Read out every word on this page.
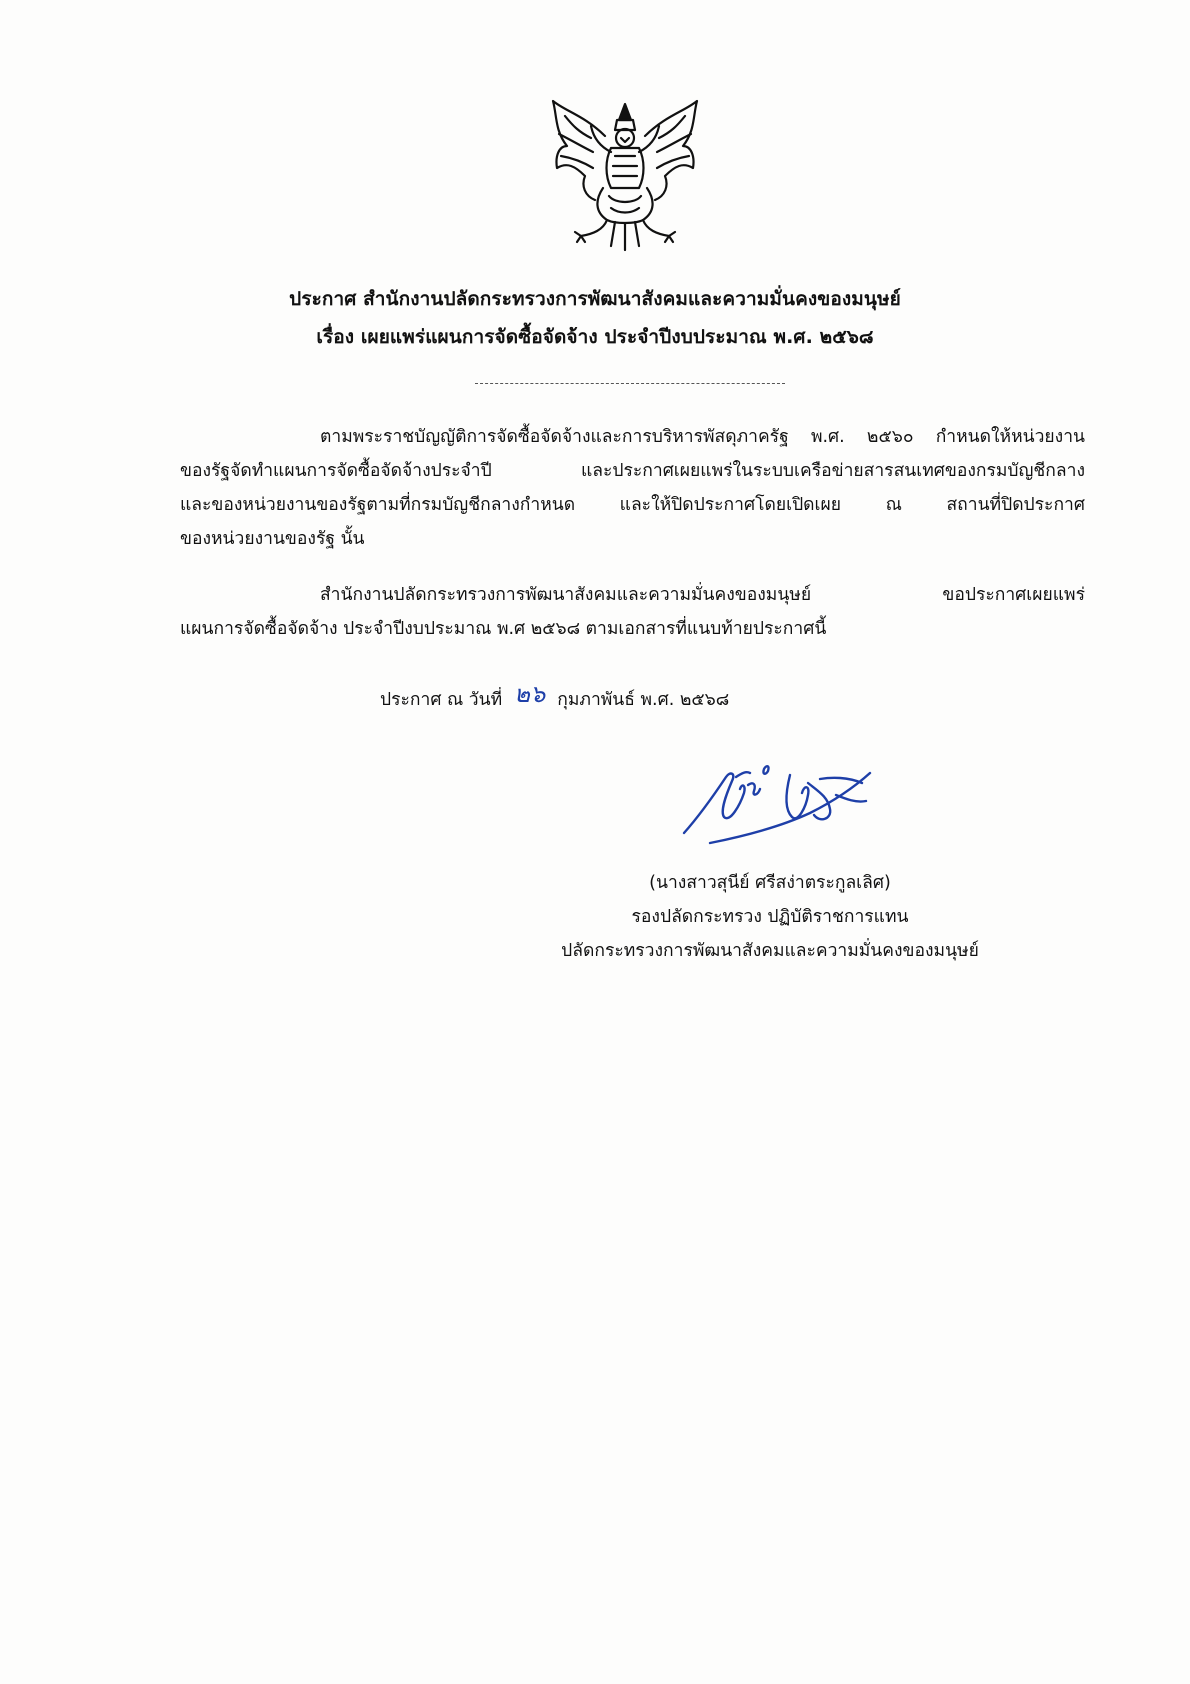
ประกาศ สำนักงานปลัดกระทรวงการพัฒนาสังคมและความมั่นคงของมนุษย์
เรื่อง เผยแพร่แผนการจัดซื้อจัดจ้าง ประจำปีงบประมาณ พ.ศ. ๒๕๖๘
ตามพระราชบัญญัติการจัดซื้อจัดจ้างและการบริหารพัสดุภาครัฐ พ.ศ. ๒๕๖๐ กำหนดให้หน่วยงาน
ของรัฐจัดทำแผนการจัดซื้อจัดจ้างประจำปี และประกาศเผยแพร่ในระบบเครือข่ายสารสนเทศของกรมบัญชีกลาง
และของหน่วยงานของรัฐตามที่กรมบัญชีกลางกำหนด และให้ปิดประกาศโดยเปิดเผย ณ สถานที่ปิดประกาศ
ของหน่วยงานของรัฐ นั้น
สำนักงานปลัดกระทรวงการพัฒนาสังคมและความมั่นคงของมนุษย์ ขอประกาศเผยแพร่
แผนการจัดซื้อจัดจ้าง ประจำปีงบประมาณ พ.ศ ๒๕๖๘ ตามเอกสารที่แนบท้ายประกาศนี้
ประกาศ ณ วันที่ ๒๖ กุมภาพันธ์ พ.ศ. ๒๕๖๘
(นางสาวสุนีย์ ศรีสง่าตระกูลเลิศ)
รองปลัดกระทรวง ปฏิบัติราชการแทน
ปลัดกระทรวงการพัฒนาสังคมและความมั่นคงของมนุษย์
